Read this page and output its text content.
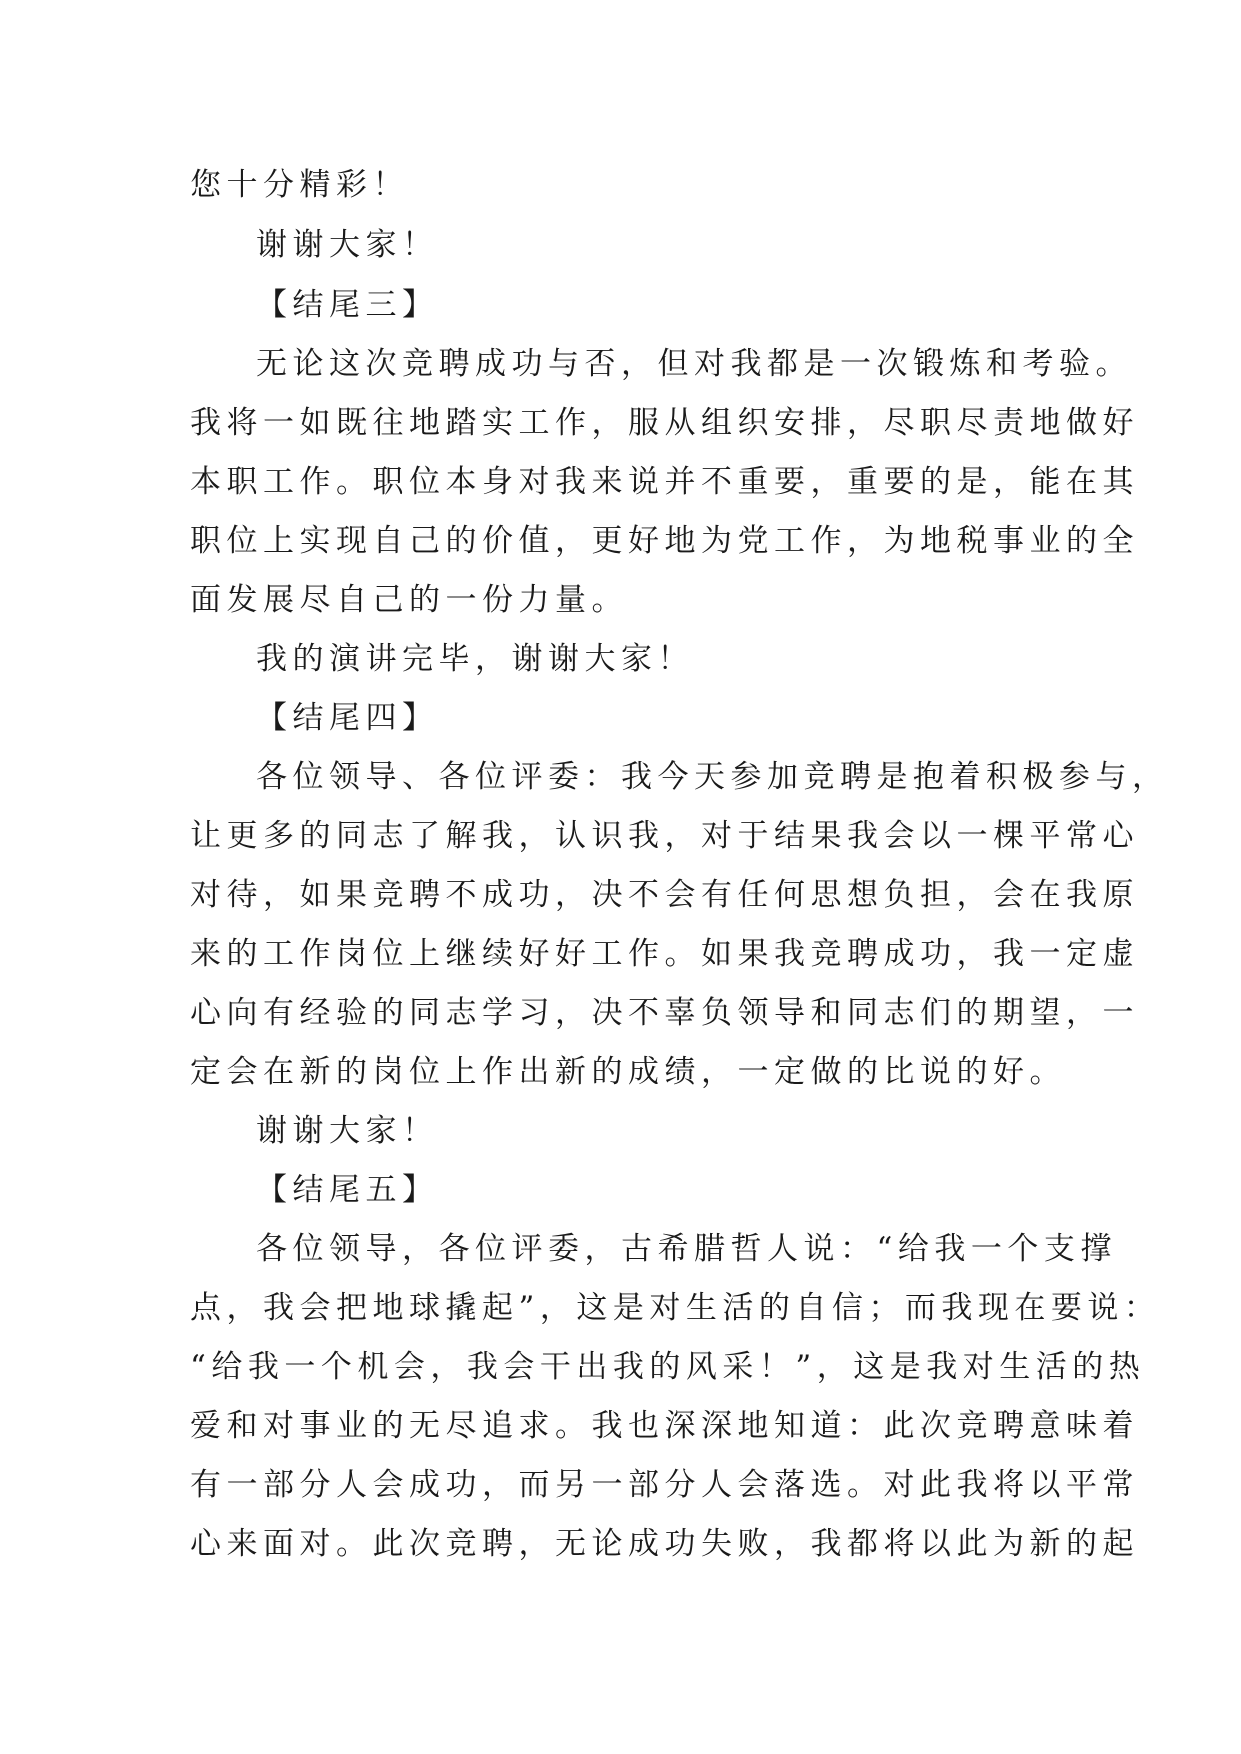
您十分精彩！

谢谢大家！

【结尾三】

无论这次竞聘成功与否，但对我都是一次锻炼和考验。

我将一如既往地踏实工作，服从组织安排，尽职尽责地做好

本职工作。职位本身对我来说并不重要，重要的是，能在其

职位上实现自己的价值，更好地为党工作，为地税事业的全

面发展尽自己的一份力量。

我的演讲完毕，谢谢大家！

【结尾四】

各位领导、各位评委：我今天参加竞聘是抱着积极参与，

让更多的同志了解我，认识我，对于结果我会以一棵平常心

对待，如果竞聘不成功，决不会有任何思想负担，会在我原

来的工作岗位上继续好好工作。如果我竞聘成功，我一定虚

心向有经验的同志学习，决不辜负领导和同志们的期望，一

定会在新的岗位上作出新的成绩，一定做的比说的好。

谢谢大家！

【结尾五】

各位领导，各位评委，古希腊哲人说：“给我一个支撑

点，我会把地球撬起”，这是对生活的自信；而我现在要说：

“给我一个机会，我会干出我的风采！”，这是我对生活的热

爱和对事业的无尽追求。我也深深地知道：此次竞聘意味着

有一部分人会成功，而另一部分人会落选。对此我将以平常

心来面对。此次竞聘，无论成功失败，我都将以此为新的起
